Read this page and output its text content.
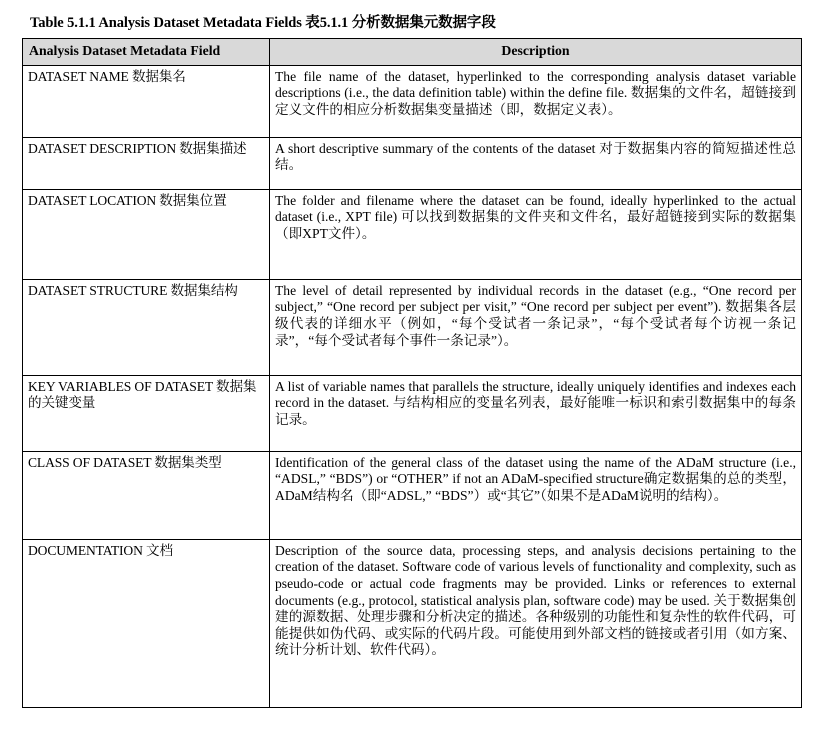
Table 5.1.1 Analysis Dataset Metadata Fields 表5.1.1 分析数据集元数据字段
Analysis Dataset Metadata Field	Description
DATASET NAME 数据集名	The file name of the dataset, hyperlinked to the corresponding analysis dataset variable descriptions (i.e., the data definition table) within the define file. 数据集的文件名，超链接到定义文件的相应分析数据集变量描述（即，数据定义表）。
DATASET DESCRIPTION 数据集描述	A short descriptive summary of the contents of the dataset 对于数据集内容的简短描述性总结。
DATASET LOCATION 数据集位置	The folder and filename where the dataset can be found, ideally hyperlinked to the actual dataset (i.e., XPT file) 可以找到数据集的文件夹和文件名，最好超链接到实际的数据集（即XPT文件）。
DATASET STRUCTURE 数据集结构	The level of detail represented by individual records in the dataset (e.g., “One record per subject,” “One record per subject per visit,” “One record per subject per event”). 数据集各层级代表的详细水平（例如，“每个受试者一条记录”，“每个受试者每个访视一条记录”，“每个受试者每个事件一条记录”）。
KEY VARIABLES OF DATASET 数据集的关键变量	A list of variable names that parallels the structure, ideally uniquely identifies and indexes each record in the dataset. 与结构相应的变量名列表，最好能唯一标识和索引数据集中的每条记录。
CLASS OF DATASET 数据集类型	Identification of the general class of the dataset using the name of the ADaM structure (i.e., “ADSL,” “BDS”) or “OTHER” if not an ADaM-specified structure确定数据集的总的类型，ADaM结构名（即“ADSL,” “BDS”）或“其它”（如果不是ADaM说明的结构）。
DOCUMENTATION 文档	Description of the source data, processing steps, and analysis decisions pertaining to the creation of the dataset. Software code of various levels of functionality and complexity, such as pseudo-code or actual code fragments may be provided. Links or references to external documents (e.g., protocol, statistical analysis plan, software code) may be used. 关于数据集创建的源数据、处理步骤和分析决定的描述。各种级别的功能性和复杂性的软件代码，可能提供如伪代码、或实际的代码片段。可能使用到外部文档的链接或者引用（如方案、统计分析计划、软件代码）。
